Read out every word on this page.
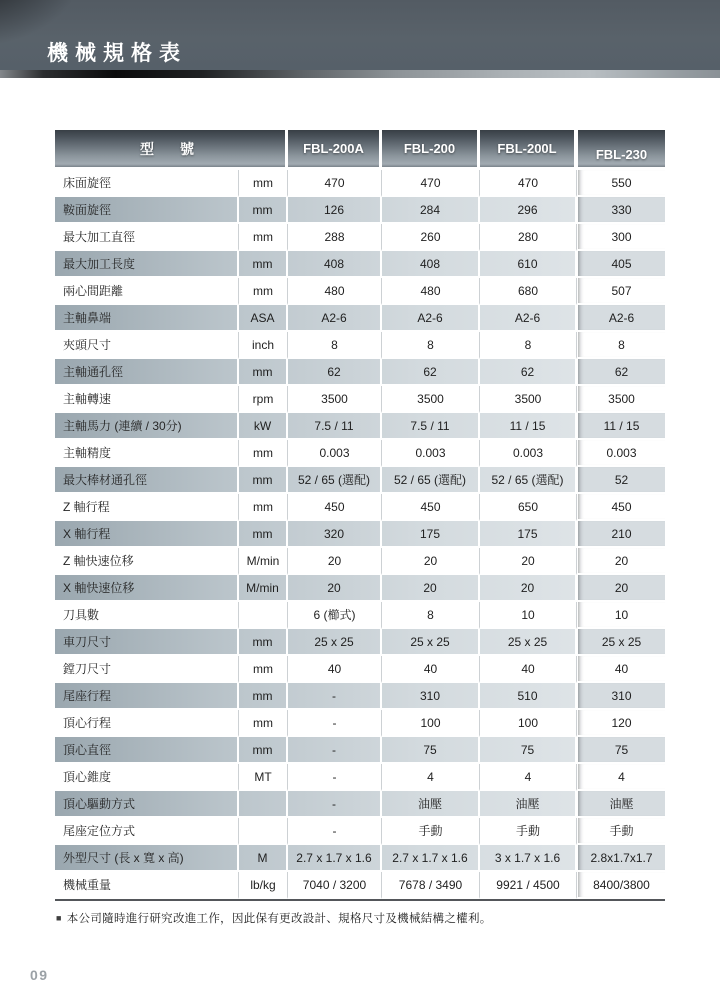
機械規格表
型　號		FBL-200A	FBL-200	FBL-200L	FBL-230
床面旋徑	mm	470	470	470	550
鞍面旋徑	mm	126	284	296	330
最大加工直徑	mm	288	260	280	300
最大加工長度	mm	408	408	610	405
兩心間距離	mm	480	480	680	507
主軸鼻端	ASA	A2-6	A2-6	A2-6	A2-6
夾頭尺寸	inch	8	8	8	8
主軸通孔徑	mm	62	62	62	62
主軸轉速	rpm	3500	3500	3500	3500
主軸馬力 (連續 / 30分)	kW	7.5 / 11	7.5 / 11	11 / 15	11 / 15
主軸精度	mm	0.003	0.003	0.003	0.003
最大棒材通孔徑	mm	52 / 65 (選配)	52 / 65 (選配)	52 / 65 (選配)	52
Z 軸行程	mm	450	450	650	450
X 軸行程	mm	320	175	175	210
Z 軸快速位移	M/min	20	20	20	20
X 軸快速位移	M/min	20	20	20	20
刀具數		6 (櫛式)	8	10	10
車刀尺寸	mm	25 x 25	25 x 25	25 x 25	25 x 25
鏜刀尺寸	mm	40	40	40	40
尾座行程	mm	-	310	510	310
頂心行程	mm	-	100	100	120
頂心直徑	mm	-	75	75	75
頂心錐度	MT	-	4	4	4
頂心驅動方式		-	油壓	油壓	油壓
尾座定位方式		-	手動	手動	手動
外型尺寸 (長 x 寬 x 高)	M	2.7 x 1.7 x 1.6	2.7 x 1.7 x 1.6	3 x 1.7 x 1.6	2.8x1.7x1.7
機械重量	lb/kg	7040 / 3200	7678 / 3490	9921 / 4500	8400/3800

■ 本公司隨時進行研究改進工作，因此保有更改設計、規格尺寸及機械結構之權利。

09
